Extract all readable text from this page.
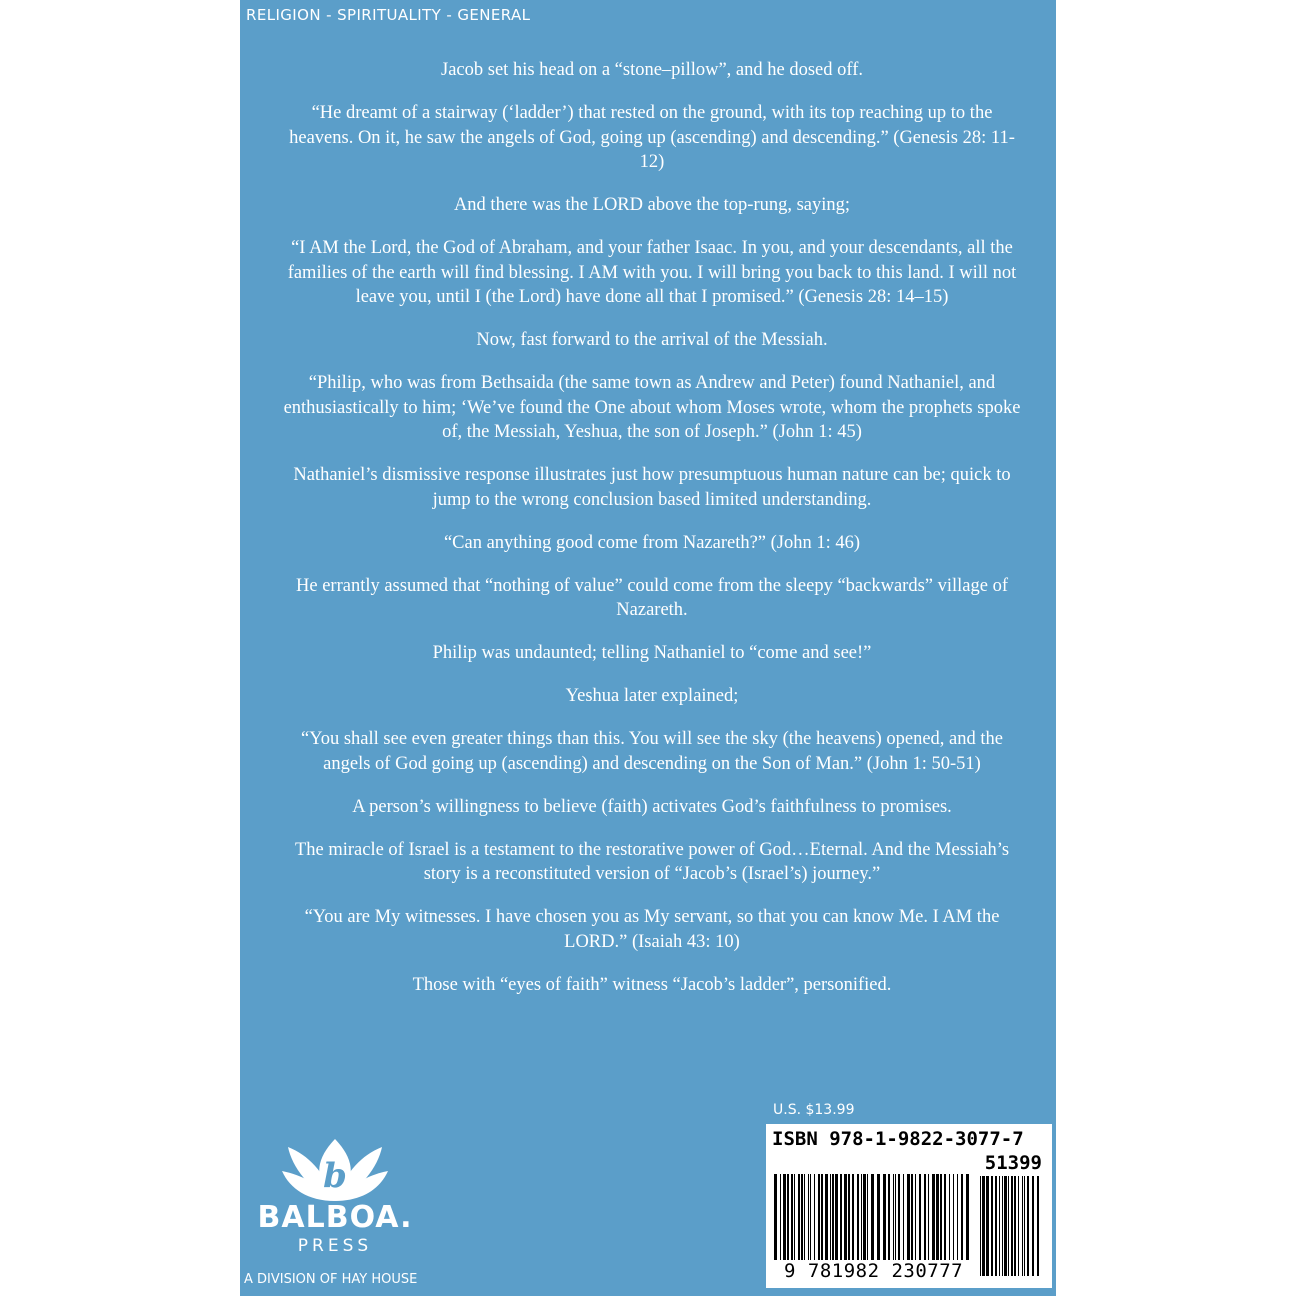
RELIGION - SPIRITUALITY - GENERAL

Jacob set his head on a “stone–pillow”, and he dosed off.

“He dreamt of a stairway (‘ladder’) that rested on the ground, with its top reaching up to the heavens. On it, he saw the angels of God, going up (ascending) and descending.” (Genesis 28: 11-12)

And there was the LORD above the top-rung, saying;

“I AM the Lord, the God of Abraham, and your father Isaac. In you, and your descendants, all the families of the earth will find blessing. I AM with you. I will bring you back to this land. I will not leave you, until I (the Lord) have done all that I promised.” (Genesis 28: 14–15)

Now, fast forward to the arrival of the Messiah.

“Philip, who was from Bethsaida (the same town as Andrew and Peter) found Nathaniel, and enthusiastically to him; ‘We’ve found the One about whom Moses wrote, whom the prophets spoke of, the Messiah, Yeshua, the son of Joseph.” (John 1: 45)

Nathaniel’s dismissive response illustrates just how presumptuous human nature can be; quick to jump to the wrong conclusion based limited understanding.

“Can anything good come from Nazareth?” (John 1: 46)

He errantly assumed that “nothing of value” could come from the sleepy “backwards” village of Nazareth.

Philip was undaunted; telling Nathaniel to “come and see!”

Yeshua later explained;

“You shall see even greater things than this. You will see the sky (the heavens) opened, and the angels of God going up (ascending) and descending on the Son of Man.” (John 1: 50-51)

A person’s willingness to believe (faith) activates God’s faithfulness to promises.

The miracle of Israel is a testament to the restorative power of God…Eternal. And the Messiah’s story is a reconstituted version of “Jacob’s (Israel’s) journey.”

“You are My witnesses. I have chosen you as My servant, so that you can know Me. I AM the LORD.” (Isaiah 43: 10)

Those with “eyes of faith” witness “Jacob’s ladder”, personified.

b
BALBOA.
PRESS
A DIVISION OF HAY HOUSE
U.S. $13.99
ISBN 978-1-9822-3077-7
51399
9 781982 230777
